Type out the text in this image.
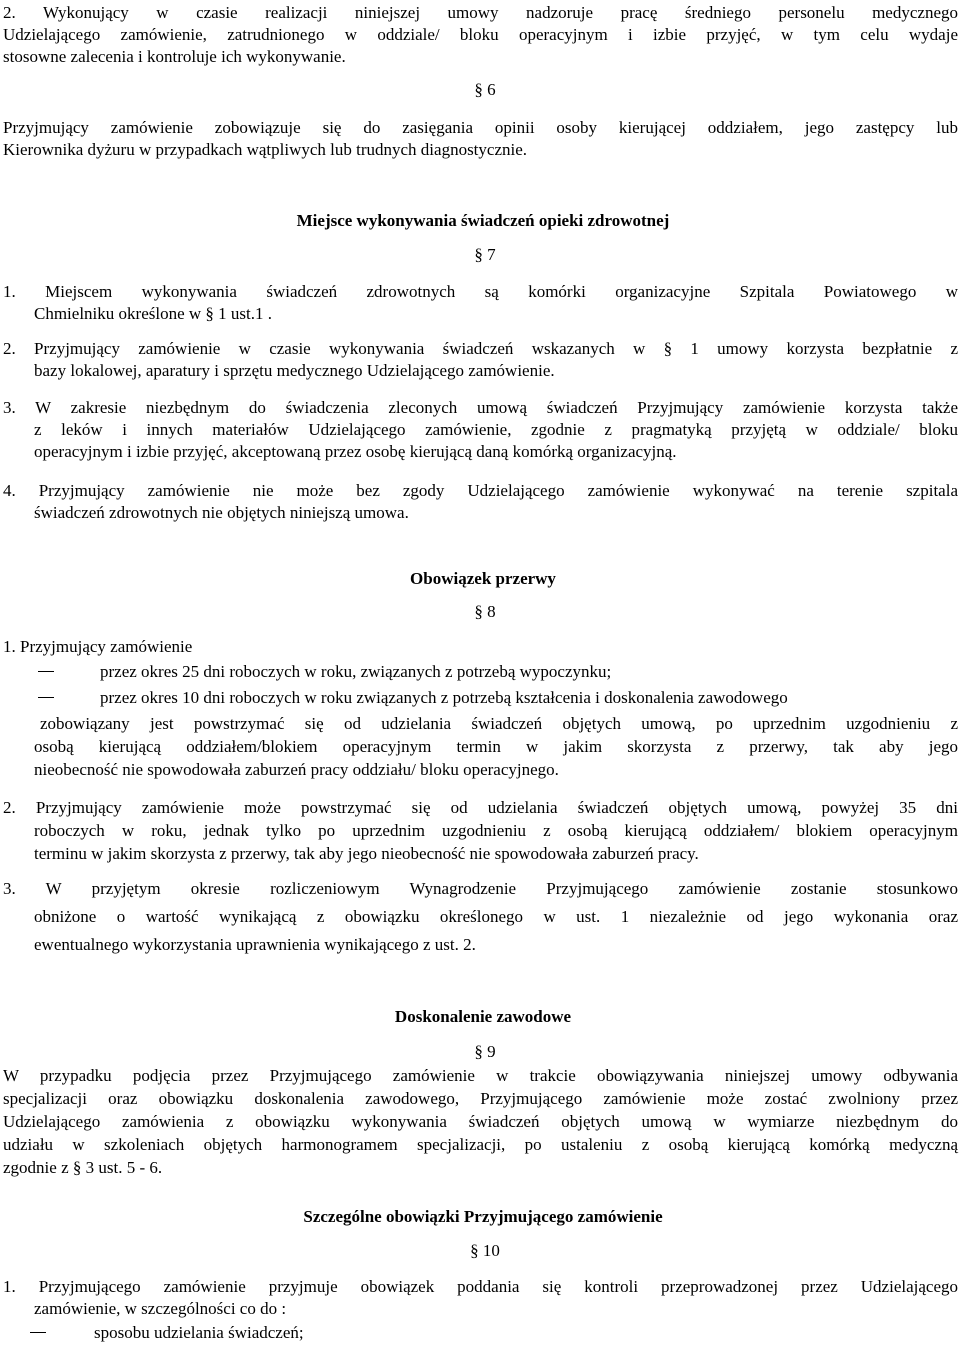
2. Wykonujący w czasie realizacji niniejszej umowy nadzoruje pracę średniego personelu medycznego
Udzielającego zamówienie, zatrudnionego w oddziale/ bloku operacyjnym i izbie przyjęć, w tym celu wydaje
stosowne zalecenia i kontroluje ich wykonywanie.
§ 6
Przyjmujący zamówienie zobowiązuje się do zasięgania opinii osoby kierującej oddziałem, jego zastępcy lub
Kierownika dyżuru w przypadkach wątpliwych lub trudnych diagnostycznie.
Miejsce wykonywania świadczeń opieki zdrowotnej
§ 7
1. Miejscem wykonywania świadczeń zdrowotnych są komórki organizacyjne Szpitala Powiatowego w
Chmielniku określone w § 1 ust.1 .
2. Przyjmujący zamówienie w czasie wykonywania świadczeń wskazanych w § 1 umowy korzysta bezpłatnie z
bazy lokalowej, aparatury i sprzętu medycznego Udzielającego zamówienie.
3. W zakresie niezbędnym do świadczenia zleconych umową świadczeń Przyjmujący zamówienie korzysta także
z leków i innych materiałów Udzielającego zamówienie, zgodnie z pragmatyką przyjętą w oddziale/ bloku
operacyjnym i izbie przyjęć, akceptowaną przez osobę kierującą daną komórką organizacyjną.
4. Przyjmujący zamówienie nie może bez zgody Udzielającego zamówienie wykonywać na terenie szpitala
świadczeń zdrowotnych nie objętych niniejszą umowa.
Obowiązek przerwy
§ 8
1. Przyjmujący zamówienie
przez okres 25 dni roboczych w roku, związanych z potrzebą wypoczynku;
przez okres 10 dni roboczych w roku związanych z potrzebą kształcenia i doskonalenia zawodowego
zobowiązany jest powstrzymać się od udzielania świadczeń objętych umową, po uprzednim uzgodnieniu z
osobą kierującą oddziałem/blokiem operacyjnym termin w jakim skorzysta z przerwy, tak aby jego
nieobecność nie spowodowała zaburzeń pracy oddziału/ bloku operacyjnego.
2. Przyjmujący zamówienie może powstrzymać się od udzielania świadczeń objętych umową, powyżej 35 dni
roboczych w roku, jednak tylko po uprzednim uzgodnieniu z osobą kierującą oddziałem/ blokiem operacyjnym
terminu w jakim skorzysta z przerwy, tak aby jego nieobecność nie spowodowała zaburzeń pracy.
3. W przyjętym okresie rozliczeniowym Wynagrodzenie Przyjmującego zamówienie zostanie stosunkowo
obniżone o wartość wynikającą z obowiązku określonego w ust. 1 niezależnie od jego wykonania oraz
ewentualnego wykorzystania uprawnienia wynikającego z ust. 2.
Doskonalenie zawodowe
§ 9
W przypadku podjęcia przez Przyjmującego zamówienie w trakcie obowiązywania niniejszej umowy odbywania
specjalizacji oraz obowiązku doskonalenia zawodowego, Przyjmującego zamówienie może zostać zwolniony przez
Udzielającego zamówienia z obowiązku wykonywania świadczeń objętych umową w wymiarze niezbędnym do
udziału w szkoleniach objętych harmonogramem specjalizacji, po ustaleniu z osobą kierującą komórką medyczną
zgodnie z § 3 ust. 5 - 6.
Szczególne obowiązki Przyjmującego zamówienie
§ 10
1. Przyjmującego zamówienie przyjmuje obowiązek poddania się kontroli przeprowadzonej przez Udzielającego
zamówienie, w szczególności co do :
sposobu udzielania świadczeń;
